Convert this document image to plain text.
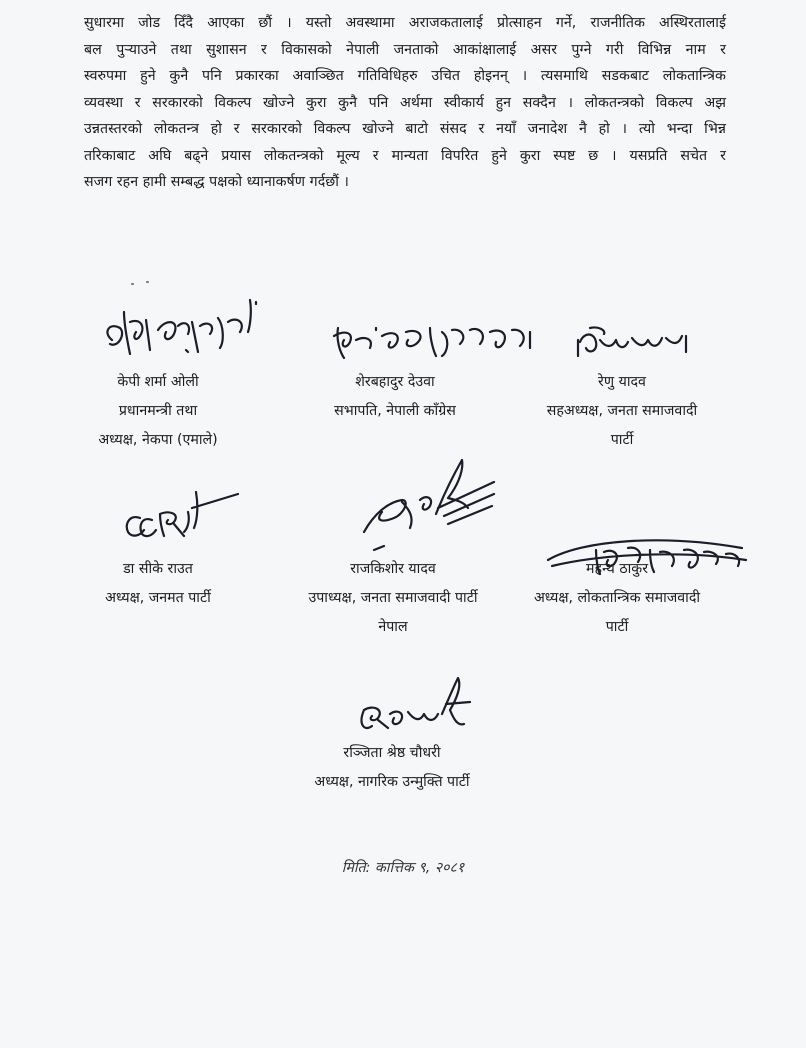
सुधारमा जोड दिँदै आएका छौं । यस्तो अवस्थामा अराजकतालाई प्रोत्साहन गर्ने, राजनीतिक अस्थिरतालाई
बल पुऱ्याउने तथा सुशासन र विकासको नेपाली जनताको आकांक्षालाई असर पुग्ने गरी विभिन्न नाम र
स्वरुपमा हुने कुनै पनि प्रकारका अवाञ्छित गतिविधिहरु उचित होइनन् । त्यसमाथि सडकबाट लोकतान्त्रिक
व्यवस्था र सरकारको विकल्प खोज्ने कुरा कुनै पनि अर्थमा स्वीकार्य हुन सक्दैन । लोकतन्त्रको विकल्प अझ
उन्नतस्तरको लोकतन्त्र हो र सरकारको विकल्प खोज्ने बाटो संसद र नयाँ जनादेश नै हो । त्यो भन्दा भिन्न
तरिकाबाट अघि बढ्ने प्रयास लोकतन्त्रको मूल्य र मान्यता विपरित हुने कुरा स्पष्ट छ । यसप्रति सचेत र
सजग रहन हामी सम्बद्ध पक्षको ध्यानाकर्षण गर्दछौं ।
केपी शर्मा ओली
प्रधानमन्त्री तथा
अध्यक्ष, नेकपा (एमाले)
शेरबहादुर देउवा
सभापति, नेपाली काँग्रेस
रेणु यादव
सहअध्यक्ष, जनता समाजवादी
पार्टी
डा सीके राउत
अध्यक्ष, जनमत पार्टी
राजकिशोर यादव
उपाध्यक्ष, जनता समाजवादी पार्टी
नेपाल
महन्थ ठाकुर
अध्यक्ष, लोकतान्त्रिक समाजवादी
पार्टी
रञ्जिता श्रेष्ठ चौधरी
अध्यक्ष, नागरिक उन्मुक्ति पार्टी
मिति: कात्तिक ९, २०८१
